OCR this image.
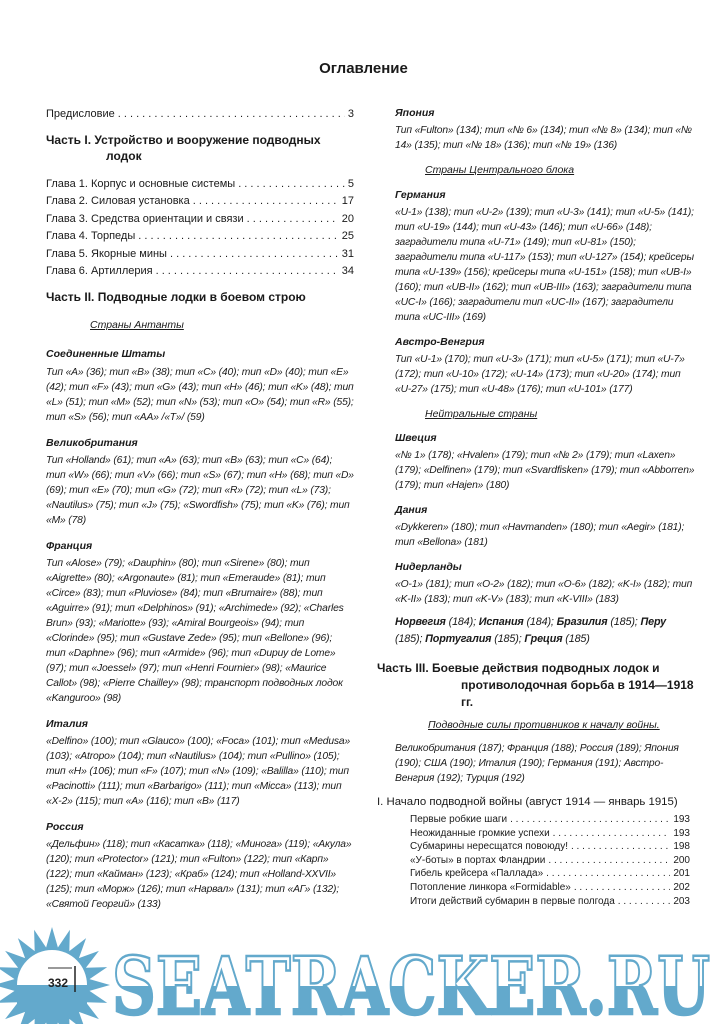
Оглавление
Предисловие . . .	3
Часть I. Устройство и вооружение подводных
лодок
Глава 1. Корпус и основные системы . . .	5
Глава 2. Силовая установка . . .	17
Глава 3. Средства ориентации и связи . . .	20
Глава 4. Торпеды . . .	25
Глава 5. Якорные мины . . .	31
Глава 6. Артиллерия . . .	34
Часть II. Подводные лодки в боевом строю
Страны Антанты
Соединенные Штаты
Тип «A» (36); тип «B» (38); тип «C» (40); тип «D» (40); тип «E» (42); тип «F» (43); тип «G» (43); тип «H» (46); тип «K» (48); тип «L» (51); тип «M» (52); тип «N» (53); тип «O» (54); тип «R» (55); тип «S» (56); тип «AA» /«T»/ (59)
Великобритания
Тип «Holland» (61); тип «A» (63); тип «B» (63); тип «C» (64); тип «W» (66); тип «V» (66); тип «S» (67); тип «H» (68); тип «D» (69); тип «E» (70); тип «G» (72); тип «R» (72); тип «L» (73); «Nautilus» (75); тип «J» (75); «Swordfish» (75); тип «K» (76); тип «M» (78)
Франция
Тип «Alose» (79); «Dauphin» (80); тип «Sirene» (80); тип «Aigrette» (80); «Argonaute» (81); тип «Emeraude» (81); тип «Circe» (83); тип «Pluviose» (84); тип «Brumaire» (88); тип «Aguirre» (91); тип «Delphinos» (91); «Archimede» (92); «Charles Brun» (93); «Mariotte» (93); «Amiral Bourgeois» (94); тип «Clorinde» (95); тип «Gustave Zede» (95); тип «Bellone» (96); тип «Daphne» (96); тип «Armide» (96); тип «Dupuy de Lome» (97); тип «Joessel» (97); тип «Henri Fournier» (98); «Maurice Callot» (98); «Pierre Chailley» (98); транспорт подводных лодок «Kanguroo» (98)
Италия
«Delfino» (100); тип «Glauco» (100); «Foca» (101); тип «Medusa» (103); «Atropo» (104); тип «Nautilus» (104); тип «Pullino» (105); тип «H» (106); тип «F» (107); тип «N» (109); «Balilla» (110); тип «Pacinotti» (111); тип «Barbarigo» (111); тип «Micca» (113); тип «X-2» (115); тип «A» (116); тип «B» (117)
Россия
«Дельфин» (118); тип «Касатка» (118); «Минога» (119); «Акула» (120); тип «Protector» (121); тип «Fulton» (122); тип «Карп» (122); тип «Кайман» (123); «Краб» (124); тип «Holland-XXVII» (125); тип «Морж» (126); тип «Нарвал» (131); тип «АГ» (132); «Святой Георгий» (133)
Япония
Тип «Fulton» (134); тип «№ 6» (134); тип «№ 8» (134); тип «№ 14» (135); тип «№ 18» (136); тип «№ 19» (136)
Страны Центрального блока
Германия
«U-1» (138); тип «U-2» (139); тип «U-3» (141); тип «U-5» (141); тип «U-19» (144); тип «U-43» (146); тип «U-66» (148); заградители типа «U-71» (149); тип «U-81» (150); заградители типа «U-117» (153); тип «U-127» (154); крейсеры типа «U-139» (156); крейсеры типа «U-151» (158); тип «UB-I» (160); тип «UB-II» (162); тип «UB-III» (163); заградители типа «UC-I» (166); заградители тип «UC-II» (167); заградители типа «UC-III» (169)
Австро-Венгрия
Тип «U-1» (170); тип «U-3» (171); тип «U-5» (171); тип «U-7» (172); тип «U-10» (172); «U-14» (173); тип «U-20» (174); тип «U-27» (175); тип «U-48» (176); тип «U-101» (177)
Нейтральные страны
Швеция
«№ 1» (178); «Hvalen» (179); тип «№ 2» (179); тип «Laxen» (179); «Delfinen» (179); тип «Svardfisken» (179); тип «Abborren» (179); тип «Hajen» (180)
Дания
«Dykkeren» (180); тип «Havmanden» (180); тип «Aegir» (181); тип «Bellona» (181)
Нидерланды
«O-1» (181); тип «O-2» (182); тип «O-6» (182); «K-I» (182); тип «K-II» (183); тип «K-V» (183); тип «K-VIII» (183)
Норвегия (184); Испания (184); Бразилия (185); Перу (185); Португалия (185); Греция (185)
Часть III. Боевые действия подводных лодок и
противолодочная борьба в 1914—1918 гг.
Подводные силы противников к началу войны.
Великобритания (187); Франция (188); Россия (189); Япония (190); США (190); Италия (190); Германия (191); Австро-Венгрия (192); Турция (192)
I. Начало подводной войны (август 1914 — январь 1915)
Первые робкие шаги . . .	193
Неожиданные громкие успехи . . .	193
Субмарины нересщатся повоюду! . . .	198
«У-боты» в портах Фландрии . . .	200
Гибель крейсера «Паллада» . . .	201
Потопление линкора «Formidable» . . .	202
Итоги действий субмарин в первые полгода . . .	203
332 SEATRACKER.RU
